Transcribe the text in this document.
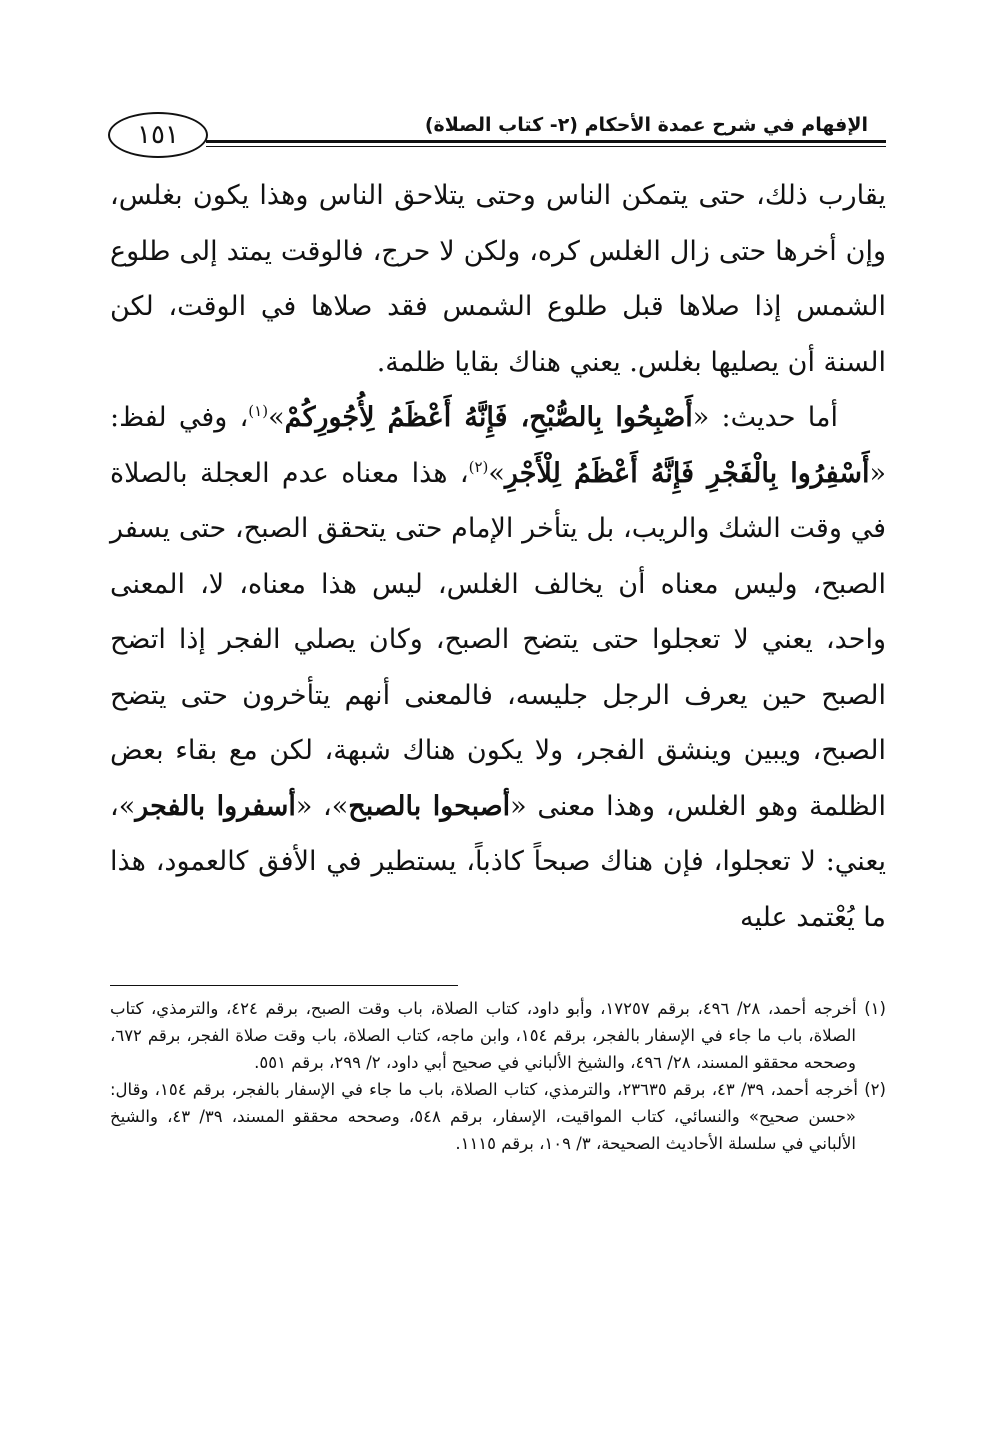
١٥١	الإفهام في شرح عمدة الأحكام (٢- كتاب الصلاة)

يقارب ذلك، حتى يتمكن الناس وحتى يتلاحق الناس وهذا يكون بغلس، وإن أخرها حتى زال الغلس كره، ولكن لا حرج، فالوقت يمتد إلى طلوع الشمس إذا صلاها قبل طلوع الشمس فقد صلاها في الوقت، لكن السنة أن يصليها بغلس. يعني هناك بقايا ظلمة.

أما حديث: «أَصْبِحُوا بِالصُّبْحِ، فَإِنَّهُ أَعْظَمُ لِأُجُورِكُمْ»$^{(١)}$، وفي لفظ: «أَسْفِرُوا بِالْفَجْرِ فَإِنَّهُ أَعْظَمُ لِلْأَجْرِ»$^{(٢)}$، هذا معناه عدم العجلة بالصلاة في وقت الشك والريب، بل يتأخر الإمام حتى يتحقق الصبح، حتى يسفر الصبح، وليس معناه أن يخالف الغلس، ليس هذا معناه، لا، المعنى واحد، يعني لا تعجلوا حتى يتضح الصبح، وكان يصلي الفجر إذا اتضح الصبح حين يعرف الرجل جليسه، فالمعنى أنهم يتأخرون حتى يتضح الصبح، ويبين وينشق الفجر، ولا يكون هناك شبهة، لكن مع بقاء بعض الظلمة وهو الغلس، وهذا معنى «أصبحوا بالصبح»، «أسفروا بالفجر»، يعني: لا تعجلوا، فإن هناك صبحاً كاذباً، يستطير في الأفق كالعمود، هذا ما يُعْتمد عليه

(١) أخرجه أحمد، ٢٨/ ٤٩٦، برقم ١٧٢٥٧، وأبو داود، كتاب الصلاة، باب وقت الصبح، برقم ٤٢٤، والترمذي، كتاب الصلاة، باب ما جاء في الإسفار بالفجر، برقم ١٥٤، وابن ماجه، كتاب الصلاة، باب وقت صلاة الفجر، برقم ٦٧٢، وصححه محققو المسند، ٢٨/ ٤٩٦، والشيخ الألباني في صحيح أبي داود، ٢/ ٢٩٩، برقم ٥٥١.

(٢) أخرجه أحمد، ٣٩/ ٤٣، برقم ٢٣٦٣٥، والترمذي، كتاب الصلاة، باب ما جاء في الإسفار بالفجر، برقم ١٥٤، وقال: «حسن صحيح» والنسائي، كتاب المواقيت، الإسفار، برقم ٥٤٨، وصححه محققو المسند، ٣٩/ ٤٣، والشيخ الألباني في سلسلة الأحاديث الصحيحة، ٣/ ١٠٩، برقم ١١١٥.
